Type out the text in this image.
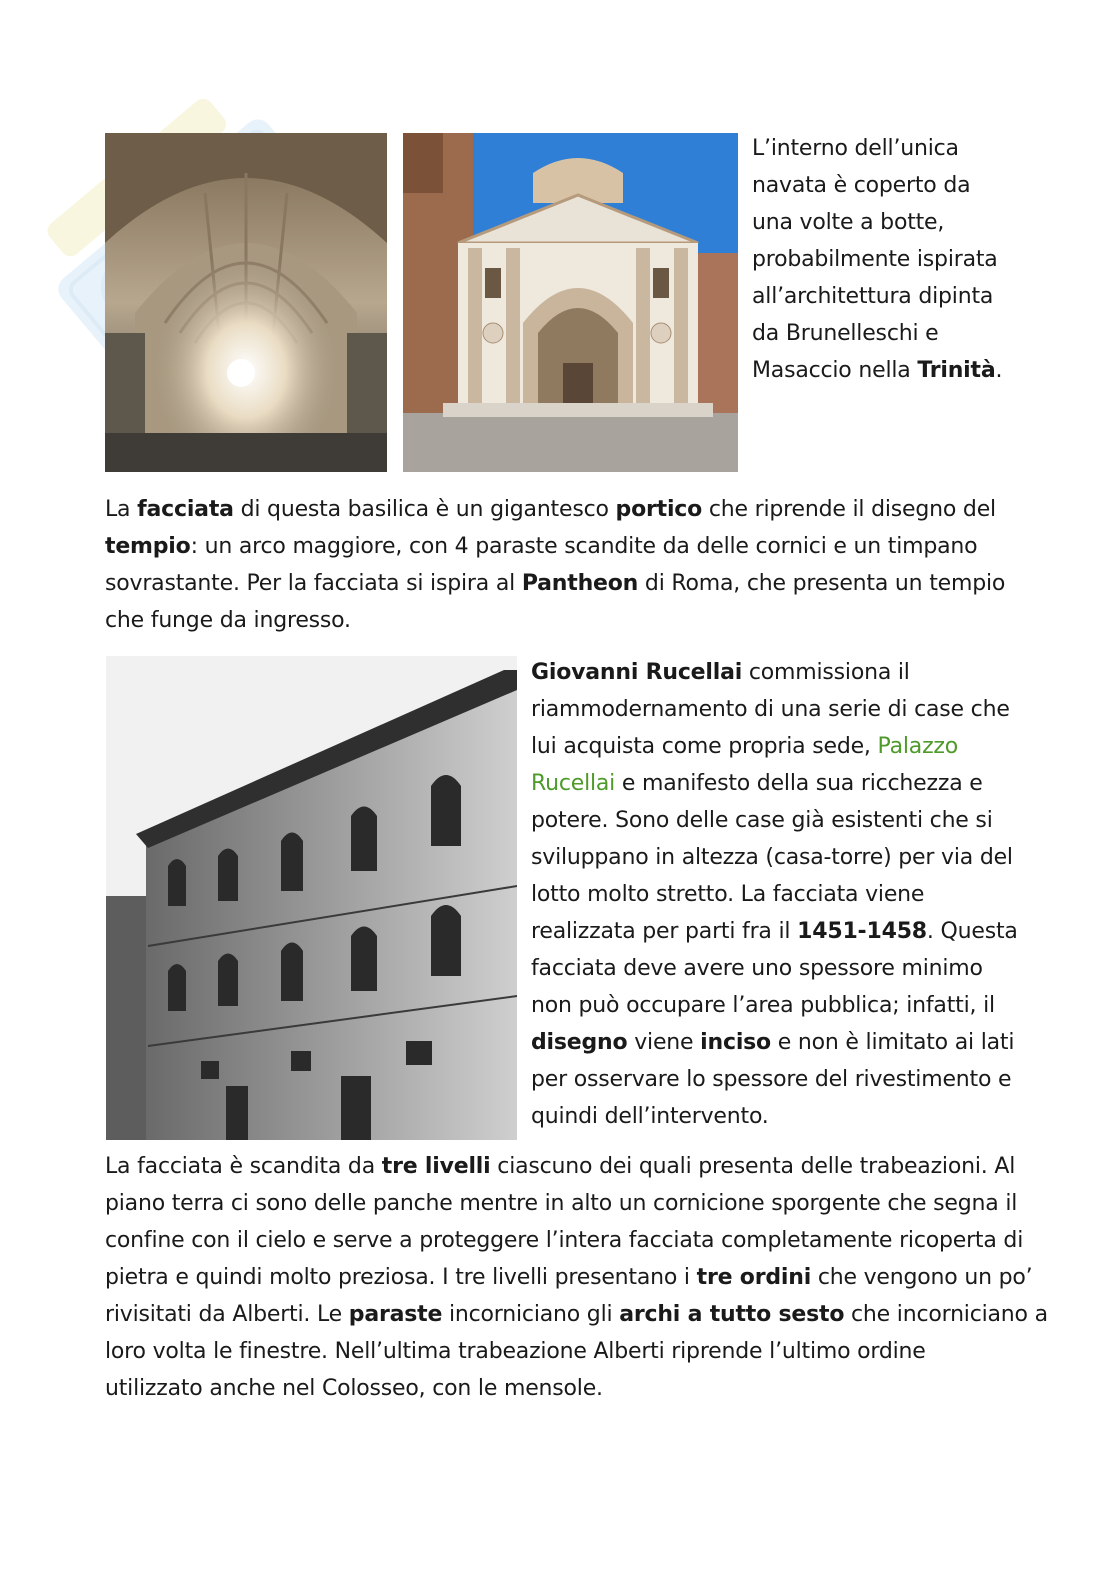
L’interno dell’unica

navata è coperto da

una volte a botte,

probabilmente ispirata

all’architettura dipinta

da Brunelleschi e

Masaccio nella Trinità.

La facciata di questa basilica è un gigantesco portico che riprende il disegno del

tempio: un arco maggiore, con 4 paraste scandite da delle cornici e un timpano

sovrastante. Per la facciata si ispira al Pantheon di Roma, che presenta un tempio

che funge da ingresso.

Giovanni Rucellai commissiona il

riammodernamento di una serie di case che

lui acquista come propria sede, Palazzo

Rucellai e manifesto della sua ricchezza e

potere. Sono delle case già esistenti che si

sviluppano in altezza (casa-torre) per via del

lotto molto stretto. La facciata viene

realizzata per parti fra il 1451-1458. Questa

facciata deve avere uno spessore minimo

non può occupare l’area pubblica; infatti, il

disegno viene inciso e non è limitato ai lati

per osservare lo spessore del rivestimento e

quindi dell’intervento.

La facciata è scandita da tre livelli ciascuno dei quali presenta delle trabeazioni. Al

piano terra ci sono delle panche mentre in alto un cornicione sporgente che segna il

confine con il cielo e serve a proteggere l’intera facciata completamente ricoperta di

pietra e quindi molto preziosa. I tre livelli presentano i tre ordini che vengono un po’

rivisitati da Alberti. Le paraste incorniciano gli archi a tutto sesto che incorniciano a

loro volta le finestre. Nell’ultima trabeazione Alberti riprende l’ultimo ordine

utilizzato anche nel Colosseo, con le mensole.
